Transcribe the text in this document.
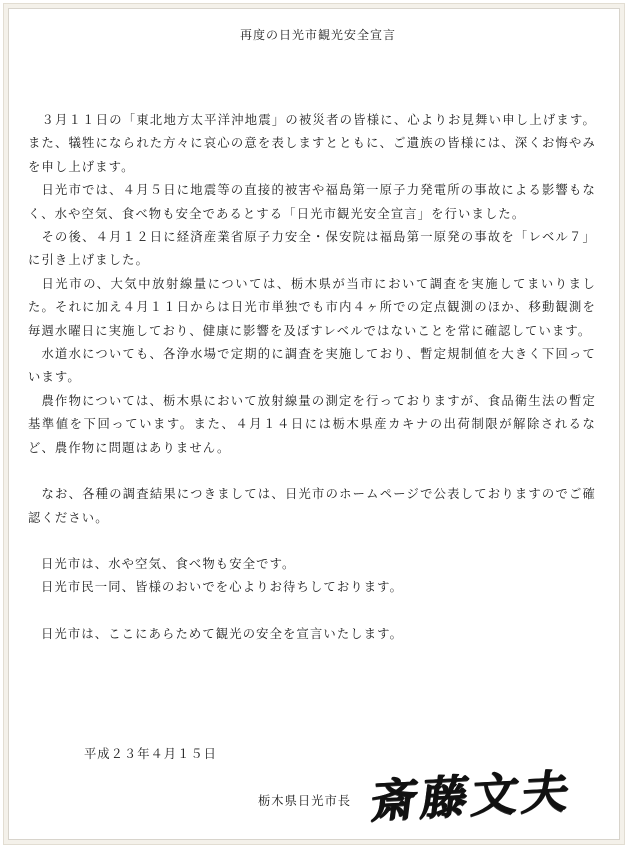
再度の日光市観光安全宣言

３月１１日の「東北地方太平洋沖地震」の被災者の皆様に、心よりお見舞い申し上げます。また、犠牲になられた方々に哀心の意を表しますとともに、ご遺族の皆様には、深くお悔やみを申し上げます。

日光市では、４月５日に地震等の直接的被害や福島第一原子力発電所の事故による影響もなく、水や空気、食べ物も安全であるとする「日光市観光安全宣言」を行いました。

その後、４月１２日に経済産業省原子力安全・保安院は福島第一原発の事故を「レベル７」に引き上げました。

日光市の、大気中放射線量については、栃木県が当市において調査を実施してまいりました。それに加え４月１１日からは日光市単独でも市内４ヶ所での定点観測のほか、移動観測を毎週水曜日に実施しており、健康に影響を及ぼすレベルではないことを常に確認しています。

水道水についても、各浄水場で定期的に調査を実施しており、暫定規制値を大きく下回っています。

農作物については、栃木県において放射線量の測定を行っておりますが、食品衛生法の暫定基準値を下回っています。また、４月１４日には栃木県産カキナの出荷制限が解除されるなど、農作物に問題はありません。

なお、各種の調査結果につきましては、日光市のホームページで公表しておりますのでご確認ください。

日光市は、水や空気、食べ物も安全です。

日光市民一同、皆様のおいでを心よりお待ちしております。

日光市は、ここにあらためて観光の安全を宣言いたします。

平成２３年４月１５日
栃木県日光市長 斎藤文夫
